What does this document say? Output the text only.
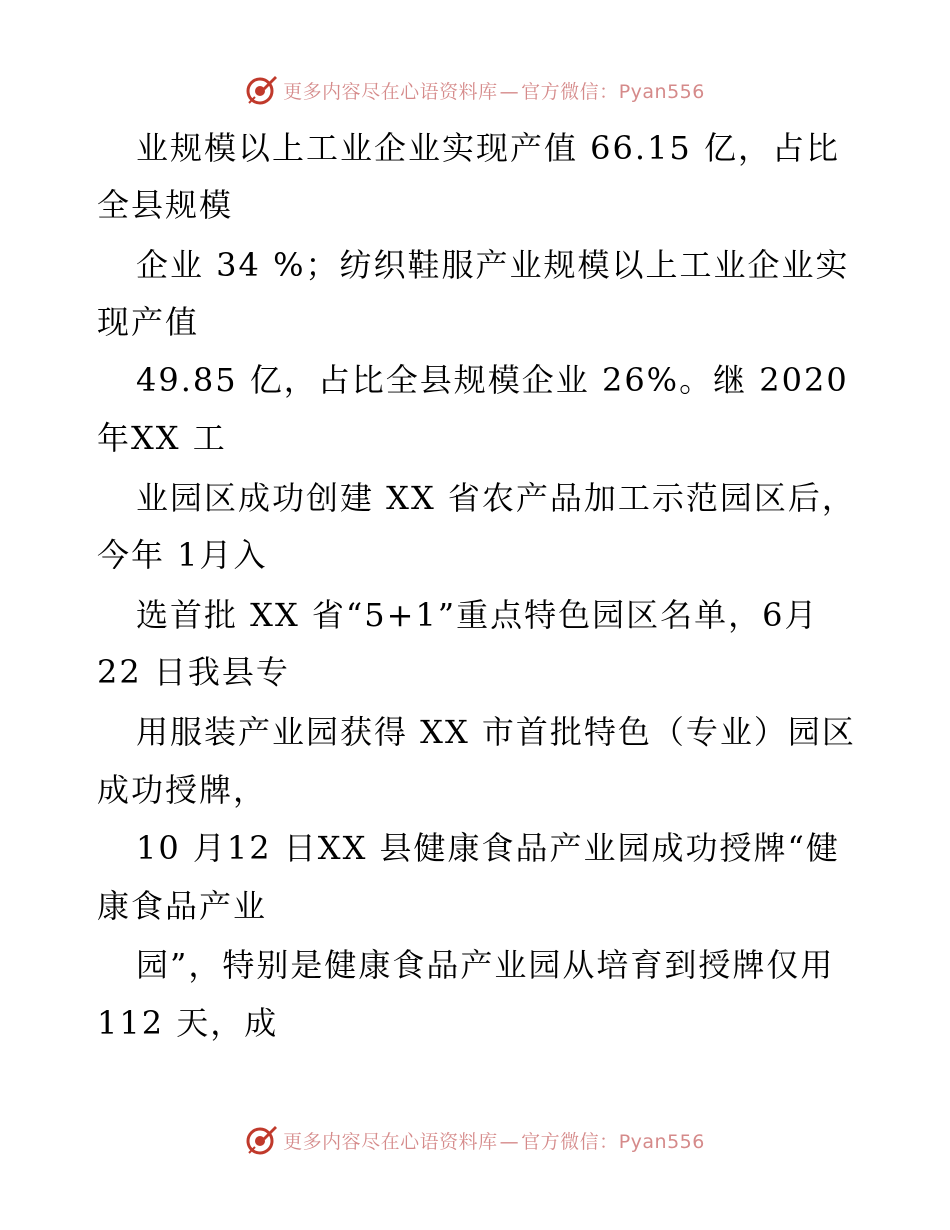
更多内容尽在心语资料库 — 官方微信：Pyan556
业规模以上工业企业实现产值 66.15 亿，占比
全县规模
企业 34 %；纺织鞋服产业规模以上工业企业实
现产值
49.85 亿，占比全县规模企业 26%。继 2020
年XX 工
业园区成功创建 XX 省农产品加工示范园区后，
今年 1月入
选首批 XX 省“5+1”重点特色园区名单，6月
22 日我县专
用服装产业园获得 XX 市首批特色（专业）园区
成功授牌，
10 月12 日XX 县健康食品产业园成功授牌“健
康食品产业
园”，特别是健康食品产业园从培育到授牌仅用
112 天，成
更多内容尽在心语资料库 — 官方微信：Pyan556
